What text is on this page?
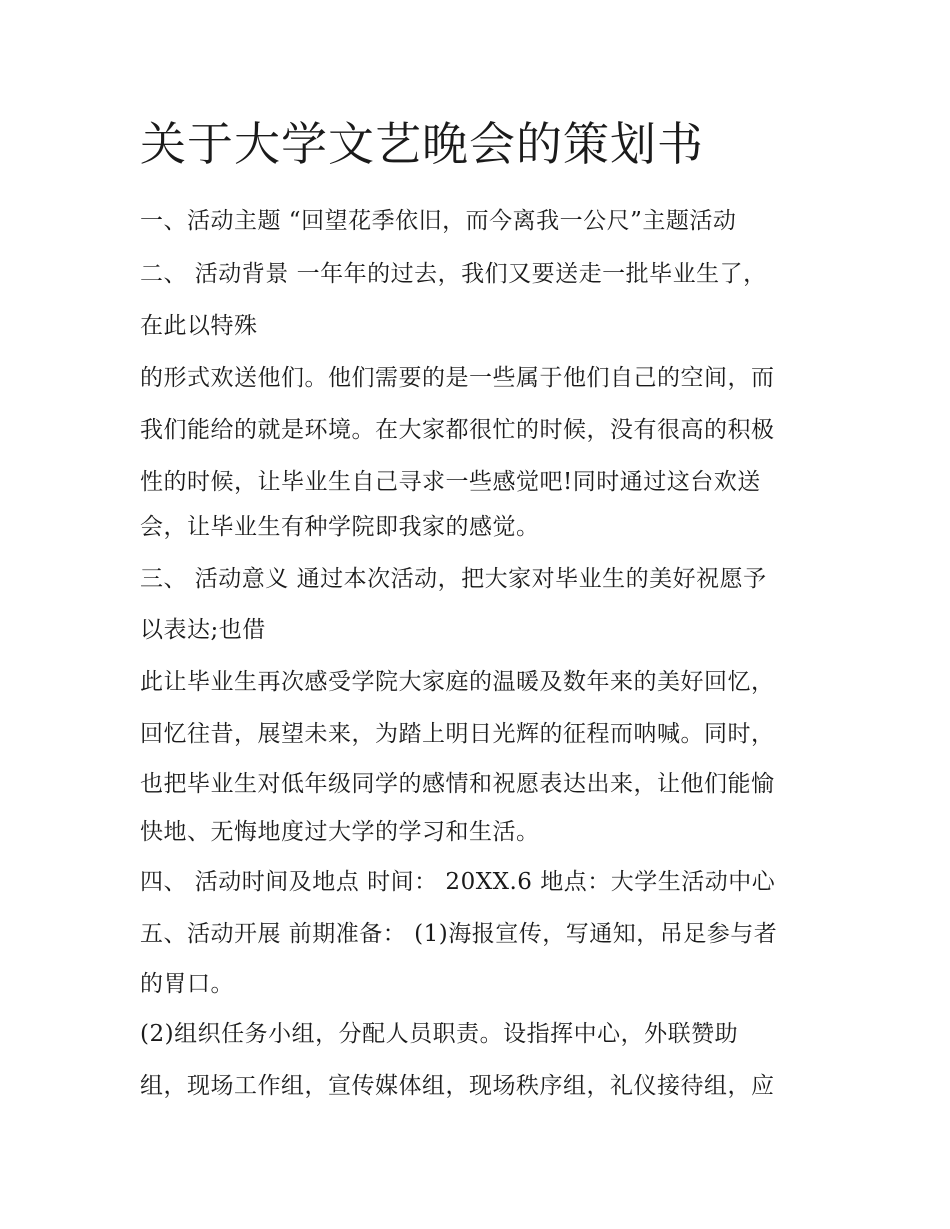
关于大学文艺晚会的策划书
一、活动主题 “回望花季依旧，而今离我一公尺”主题活动
二、 活动背景 一年年的过去，我们又要送走一批毕业生了，
在此以特殊
的形式欢送他们。他们需要的是一些属于他们自己的空间，而
我们能给的就是环境。在大家都很忙的时候，没有很高的积极
性的时候，让毕业生自己寻求一些感觉吧!同时通过这台欢送
会，让毕业生有种学院即我家的感觉。
三、 活动意义 通过本次活动，把大家对毕业生的美好祝愿予
以表达;也借
此让毕业生再次感受学院大家庭的温暖及数年来的美好回忆，
回忆往昔，展望未来，为踏上明日光辉的征程而呐喊。同时，
也把毕业生对低年级同学的感情和祝愿表达出来，让他们能愉
快地、无悔地度过大学的学习和生活。
四、 活动时间及地点 时间： 20XX.6 地点：大学生活动中心
五、活动开展 前期准备： (1)海报宣传，写通知，吊足参与者
的胃口。
(2)组织任务小组，分配人员职责。设指挥中心，外联赞助
组，现场工作组，宣传媒体组，现场秩序组，礼仪接待组，应
